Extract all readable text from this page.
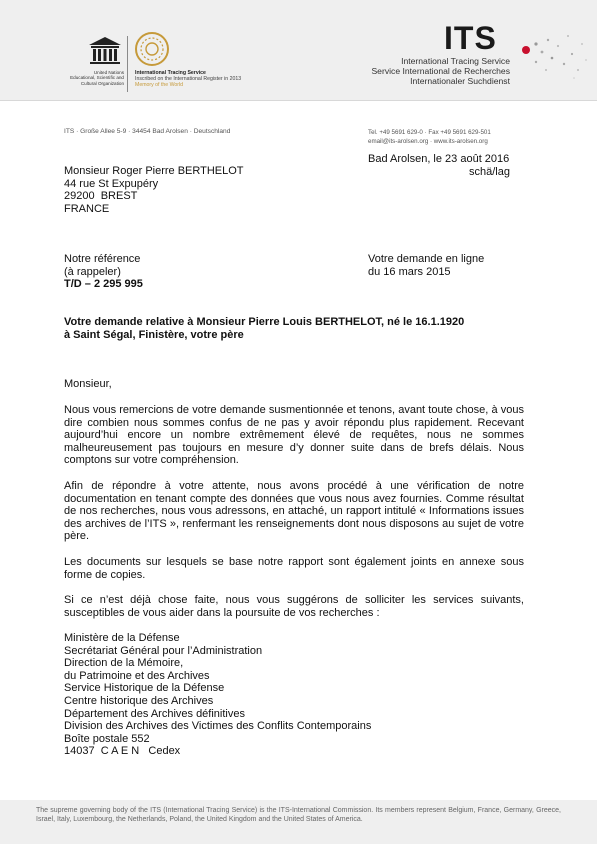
United Nations
Educational, Scientific and
Cultural Organization
International Tracing Service
Inscribed on the International Register in 2013
Memory of the World
ITS
International Tracing Service
Service International de Recherches
Internationaler Suchdienst
ITS · Große Allee 5-9 · 34454 Bad Arolsen · Deutschland	Tel. +49 5691 629-0 · Fax +49 5691 629-501
email@its-arolsen.org · www.its-arolsen.org
Bad Arolsen, le 23 août 2016
schä/lag
Monsieur Roger Pierre BERTHELOT
44 rue St Expupéry
29200  BREST
FRANCE
Notre référence
(à rappeler)
T/D – 2 295 995
Votre demande en ligne
du 16 mars 2015
Votre demande relative à Monsieur Pierre Louis BERTHELOT, né le 16.1.1920
à Saint Ségal, Finistère, votre père
Monsieur,
Nous vous remercions de votre demande susmentionnée et tenons, avant toute chose, à vous dire combien nous sommes confus de ne pas y avoir répondu plus rapidement. Recevant aujourd’hui encore un nombre extrêmement élevé de requêtes, nous ne sommes malheureusement pas toujours en mesure d’y donner suite dans de brefs délais. Nous comptons sur votre compréhension.
Afin de répondre à votre attente, nous avons procédé à une vérification de notre documentation en tenant compte des données que vous nous avez fournies. Comme résultat de nos recherches, nous vous adressons, en attaché, un rapport intitulé « Informations issues des archives de l’ITS », renfermant les renseignements dont nous disposons au sujet de votre père.
Les documents sur lesquels se base notre rapport sont également joints en annexe sous forme de copies.
Si ce n’est déjà chose faite, nous vous suggérons de solliciter les services suivants, susceptibles de vous aider dans la poursuite de vos recherches :
Ministère de la Défense
Secrétariat Général pour l’Administration
Direction de la Mémoire,
du Patrimoine et des Archives
Service Historique de la Défense
Centre historique des Archives
Département des Archives définitives
Division des Archives des Victimes des Conflits Contemporains
Boîte postale 552
14037  C A E N   Cedex
The supreme governing body of the ITS (International Tracing Service) is the ITS-International Commission. Its members represent Belgium, France, Germany, Greece, Israel, Italy, Luxembourg, the Netherlands, Poland, the United Kingdom and the United States of America.
